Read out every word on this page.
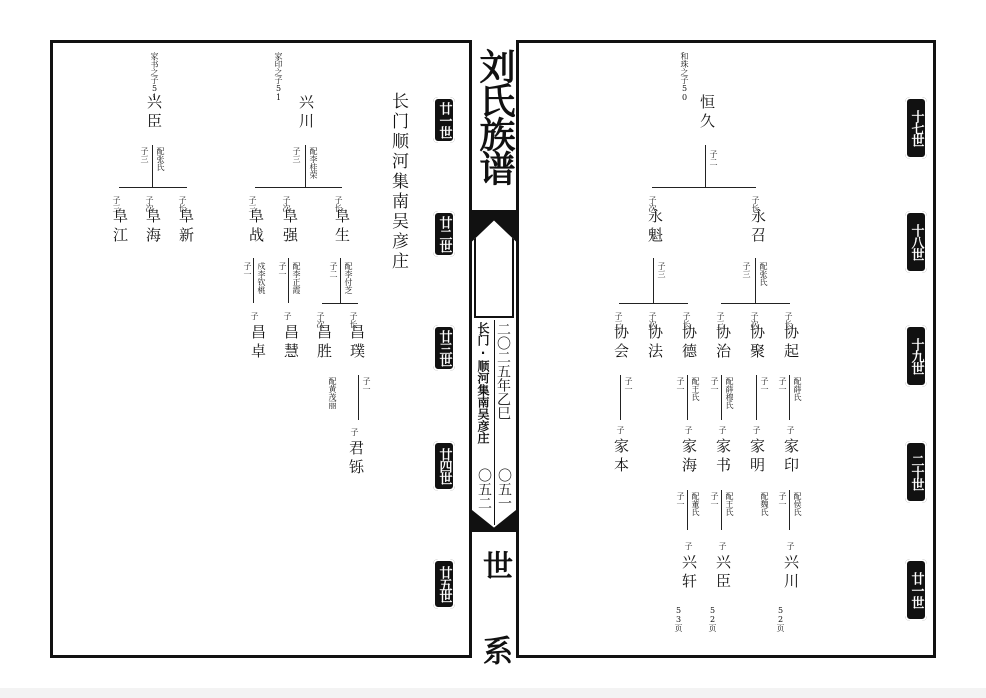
刘氏族谱
长门·顺河集南吴彦庄 二〇二五年乙巳
〇五二 〇五一
世 系
长门顺河集南吴彦庄 廿一世
廿二世
廿三世
廿四世
廿五世
家书之子51
兴臣
子三 配张氏
子长
阜新
子次
阜海
子三
阜江
家印之子51
兴川
子三 配李桂荣
子长
阜生
子次
阜强
子三
阜战
子二 配李付芝
子一 配李正霞
子一 戍李钦桃
子长
昌璞
子次
昌胜
子
昌慧
子
昌卓
子一
配黄茂丽
子
君铄
十七世
十八世
十九世
二十世
廿一世
和珠之子50
恒久
子二
子长
永召
子次
永魁
子三 配张氏
子三
子长
协起
子次
协聚
子三
协治
子长
协德
子次
协法
子三
协会
子一 配薛氏
子一
子一 配薛穆氏
子一 配王氏
子一
子
家印
子
家明
子
家书
子
家海
子
家本
子一 配侯氏
配魏氏
子一 配王氏
子一 配董氏
子
兴川
52页
子
兴臣
52页
子
兴轩
53页
